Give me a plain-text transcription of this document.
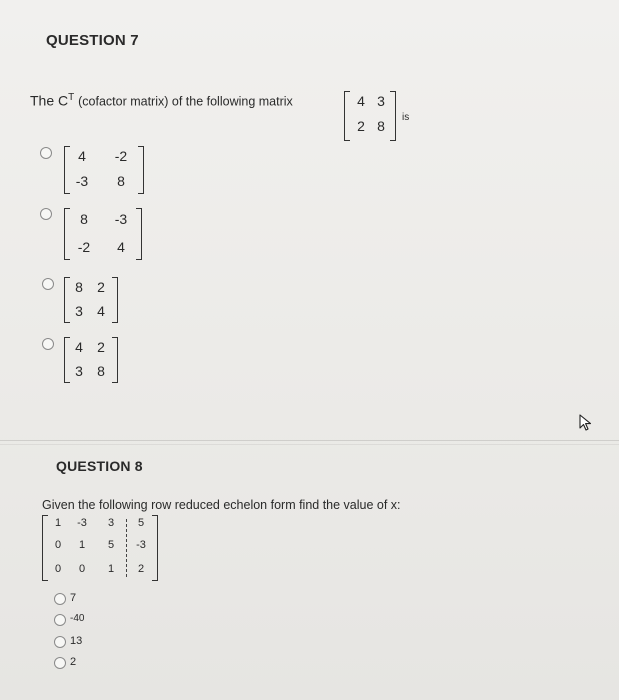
QUESTION 7
The $C^T$ (cofactor matrix) of the following matrix	4 3
2 8
is
4	-2
-3	8
8	-3
-2	4
8	2
3	4
4	2
3	8
QUESTION 8
Given the following row reduced echelon form find the value of x:
1	-3	3	5
0	1	5	-3
0	0	1	2
7
-40
13
2
